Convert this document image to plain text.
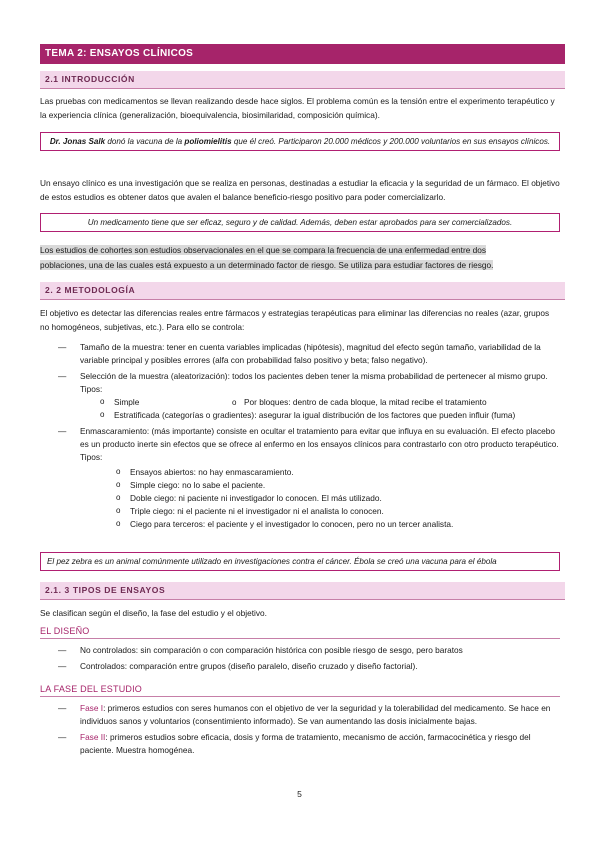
TEMA 2: ENSAYOS CLÍNICOS
2.1 INTRODUCCIÓN

Las pruebas con medicamentos se llevan realizando desde hace siglos. El problema común es la tensión entre el experimento terapéutico y la experiencia clínica (generalización, bioequivalencia, biosimilaridad, composición química).

Dr. Jonas Salk donó la vacuna de la poliomielitis que él creó. Participaron 20.000 médicos y 200.000 voluntarios en sus ensayos clínicos.

Un ensayo clínico es una investigación que se realiza en personas, destinadas a estudiar la eficacia y la seguridad de un fármaco. El objetivo de estos estudios es obtener datos que avalen el balance beneficio-riesgo positivo para poder comercializarlo.

Un medicamento tiene que ser eficaz, seguro y de calidad. Además, deben estar aprobados para ser comercializados.
Los estudios de cohortes son estudios observacionales en el que se compara la frecuencia de una enfermedad entre dos
poblaciones, una de las cuales está expuesto a un determinado factor de riesgo. Se utiliza para estudiar factores de riesgo.
2. 2 METODOLOGÍA

El objetivo es detectar las diferencias reales entre fármacos y estrategias terapéuticas para eliminar las diferencias no reales (azar, grupos no homogéneos, subjetivas, etc.). Para ello se controla:

— Tamaño de la muestra: tener en cuenta variables implicadas (hipótesis), magnitud del efecto según tamaño, variabilidad de la variable principal y posibles errores (alfa con probabilidad falso positivo y beta; falso negativo).
— Selección de la muestra (aleatorización): todos los pacientes deben tener la misma probabilidad de pertenecer al mismo grupo. Tipos:
o Simple	o Por bloques: dentro de cada bloque, la mitad recibe el tratamiento
o Estratificada (categorías o gradientes): asegurar la igual distribución de los factores que pueden influir (fuma)
— Enmascaramiento: (más importante) consiste en ocultar el tratamiento para evitar que influya en su evaluación. El efecto placebo es un producto inerte sin efectos que se ofrece al enfermo en los ensayos clínicos para contrastarlo con otro producto terapéutico. Tipos:
o Ensayos abiertos: no hay enmascaramiento.
o Simple ciego: no lo sabe el paciente.
o Doble ciego: ni paciente ni investigador lo conocen. El más utilizado.
o Triple ciego: ni el paciente ni el investigador ni el analista lo conocen.
o Ciego para terceros: el paciente y el investigador lo conocen, pero no un tercer analista.
El pez zebra es un animal comúnmente utilizado en investigaciones contra el cáncer. Ébola se creó una vacuna para el ébola
2.1. 3 TIPOS DE ENSAYOS

Se clasifican según el diseño, la fase del estudio y el objetivo.

EL DISEÑO
— No controlados: sin comparación o con comparación histórica con posible riesgo de sesgo, pero baratos
— Controlados: comparación entre grupos (diseño paralelo, diseño cruzado y diseño factorial).
LA FASE DEL ESTUDIO
— Fase I: primeros estudios con seres humanos con el objetivo de ver la seguridad y la tolerabilidad del medicamento. Se hace en individuos sanos y voluntarios (consentimiento informado). Se van aumentando las dosis inicialmente bajas.
— Fase II: primeros estudios sobre eficacia, dosis y forma de tratamiento, mecanismo de acción, farmacocinética y riesgo del paciente. Muestra homogénea.
5
